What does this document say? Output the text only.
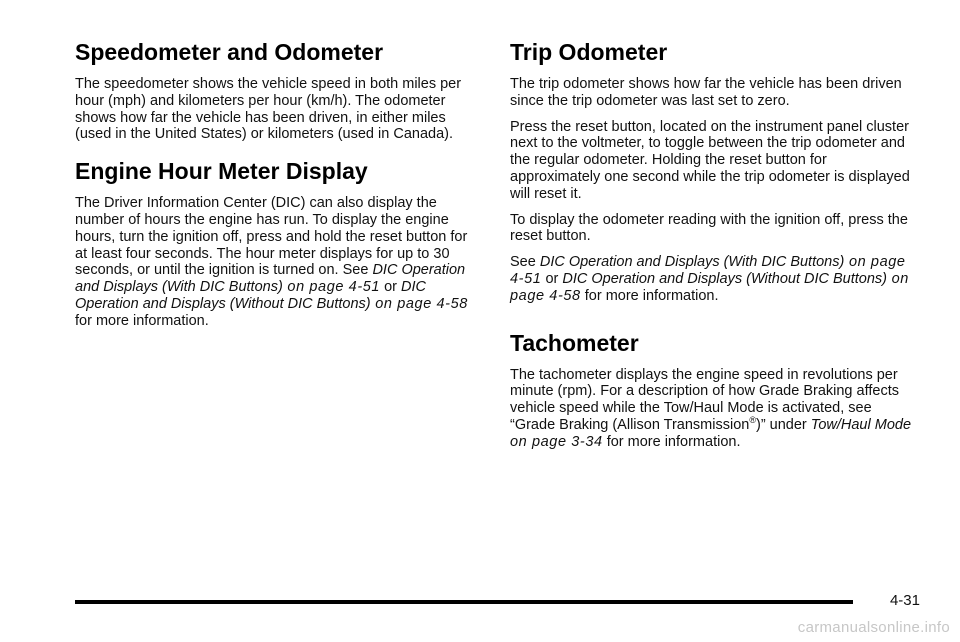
Speedometer and Odometer

The speedometer shows the vehicle speed in both miles per hour (mph) and kilometers per hour (km/h). The odometer shows how far the vehicle has been driven, in either miles (used in the United States) or kilometers (used in Canada).

Engine Hour Meter Display

The Driver Information Center (DIC) can also display the number of hours the engine has run. To display the engine hours, turn the ignition off, press and hold the reset button for at least four seconds. The hour meter displays for up to 30 seconds, or until the ignition is turned on. See DIC Operation and Displays (With DIC Buttons) on page 4‑51 or DIC Operation and Displays (Without DIC Buttons) on page 4‑58 for more information.

Trip Odometer

The trip odometer shows how far the vehicle has been driven since the trip odometer was last set to zero.

Press the reset button, located on the instrument panel cluster next to the voltmeter, to toggle between the trip odometer and the regular odometer. Holding the reset button for approximately one second while the trip odometer is displayed will reset it.

To display the odometer reading with the ignition off, press the reset button.

See DIC Operation and Displays (With DIC Buttons) on page 4‑51 or DIC Operation and Displays (Without DIC Buttons) on page 4‑58 for more information.

Tachometer

The tachometer displays the engine speed in revolutions per minute (rpm). For a description of how Grade Braking affects vehicle speed while the Tow/Haul Mode is activated, see “Grade Braking (Allison Transmission®)” under Tow/Haul Mode on page 3‑34 for more information.

4-31
carmanualsonline.info
